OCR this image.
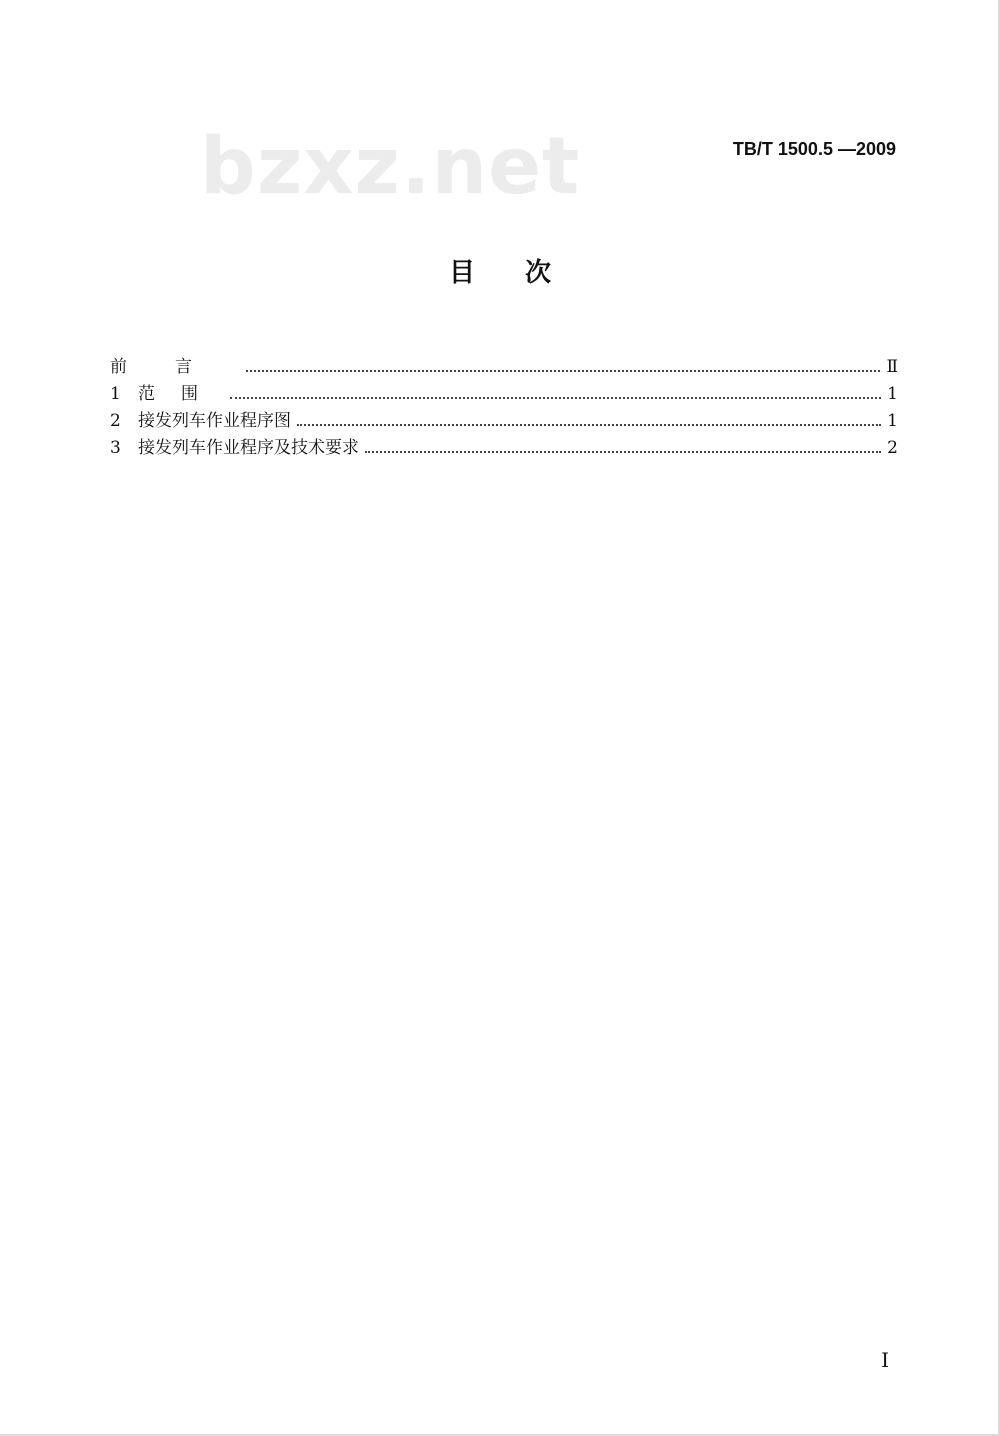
bzxz.net	TB/T 1500.5 —2009
目次
前言	Ⅱ
1	范围	1
2	接发列车作业程序图	1
3	接发列车作业程序及技术要求	2
I
